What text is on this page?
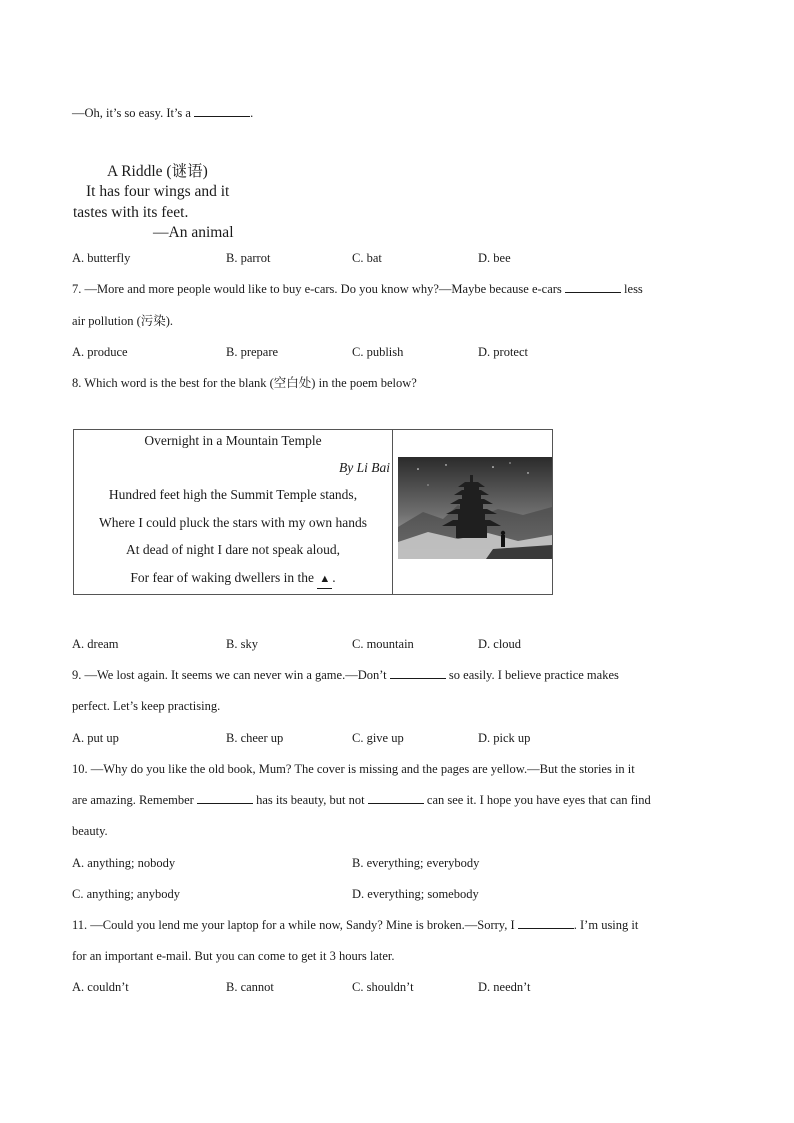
—Oh, it’s so easy. It’s a	.
A Riddle (谜语)
It has four wings and it
tastes with its feet.
—An animal
A. butterfly	B. parrot	C. bat	D. bee
7. —More and more people would like to buy e-cars. Do you know why?—Maybe because e-cars	less
air pollution (污染).
A. produce	B. prepare	C. publish	D. protect
8. Which word is the best for the blank (空白处) in the poem below?
Overnight in a Mountain Temple
By Li Bai
Hundred feet high the Summit Temple stands,
Where I could pluck the stars with my own hands
At dead of night I dare not speak aloud,
For fear of waking dwellers in the ▲ .
A. dream	B. sky	C. mountain	D. cloud
9. —We lost again. It seems we can never win a game.—Don’t	so easily. I believe practice makes
perfect. Let’s keep practising.
A. put up	B. cheer up	C. give up	D. pick up
10. —Why do you like the old book, Mum? The cover is missing and the pages are yellow.—But the stories in it
are amazing. Remember	has its beauty, but not	can see it. I hope you have eyes that can find
beauty.
A. anything; nobody	B. everything; everybody
C. anything; anybody	D. everything; somebody
11. —Could you lend me your laptop for a while now, Sandy? Mine is broken.—Sorry, I	. I’m using it
for an important e-mail. But you can come to get it 3 hours later.
A. couldn’t	B. cannot	C. shouldn’t	D. needn’t
